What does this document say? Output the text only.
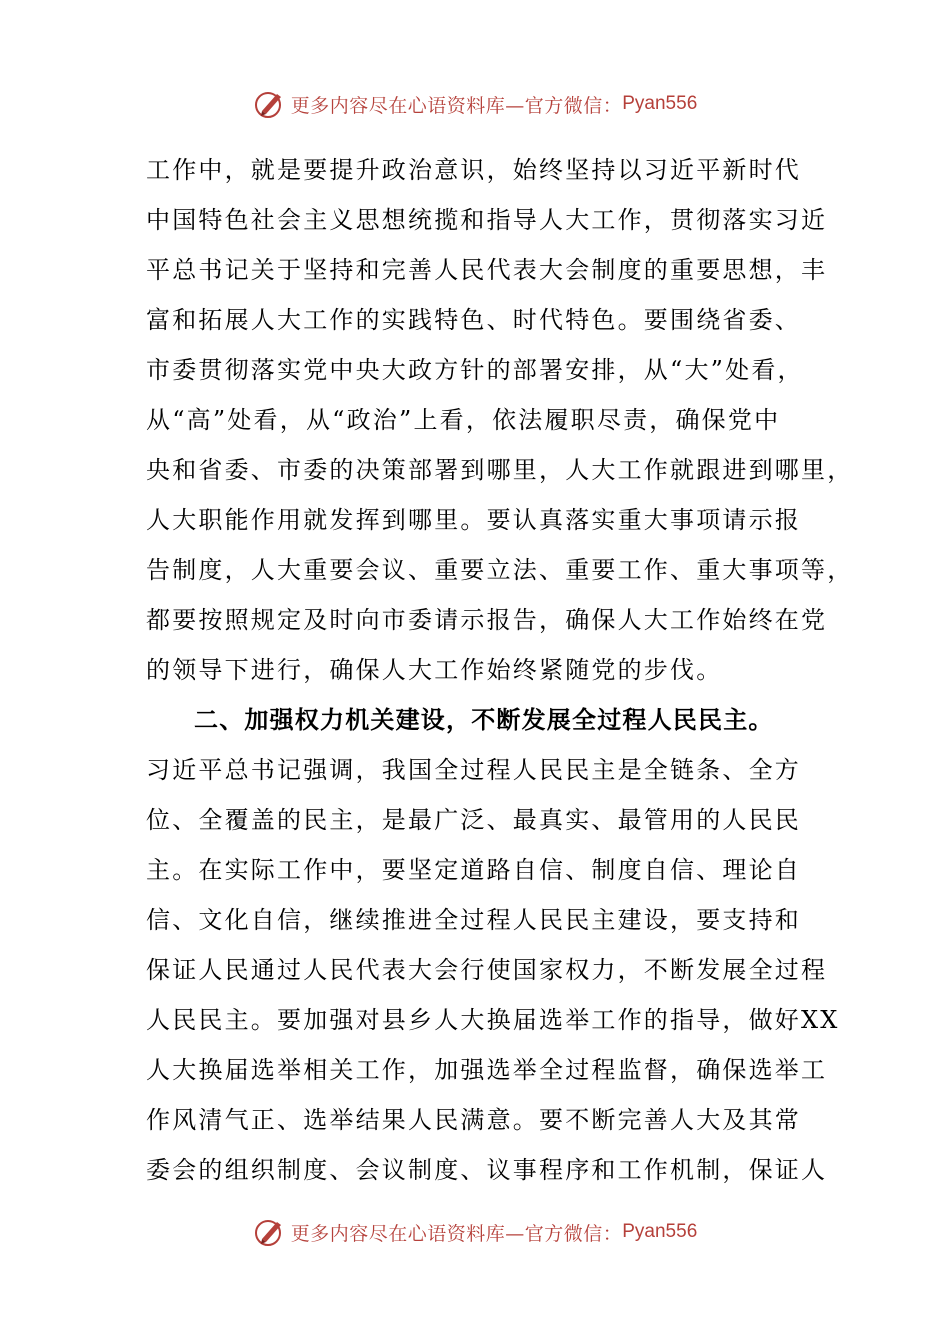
更多内容尽在心语资料库—官方微信： Pyan556
工作中，就是要提升政治意识，始终坚持以习近平新时代
中国特色社会主义思想统揽和指导人大工作，贯彻落实习近
平总书记关于坚持和完善人民代表大会制度的重要思想，丰
富和拓展人大工作的实践特色、时代特色。要围绕省委、
市委贯彻落实党中央大政方针的部署安排，从“大”处看，
从“高”处看，从“政治”上看，依法履职尽责，确保党中
央和省委、市委的决策部署到哪里，人大工作就跟进到哪里，
人大职能作用就发挥到哪里。要认真落实重大事项请示报
告制度，人大重要会议、重要立法、重要工作、重大事项等，
都要按照规定及时向市委请示报告，确保人大工作始终在党
的领导下进行，确保人大工作始终紧随党的步伐。
二、加强权力机关建设，不断发展全过程人民民主。
习近平总书记强调，我国全过程人民民主是全链条、全方
位、全覆盖的民主，是最广泛、最真实、最管用的人民民
主。在实际工作中，要坚定道路自信、制度自信、理论自
信、文化自信，继续推进全过程人民民主建设，要支持和
保证人民通过人民代表大会行使国家权力，不断发展全过程
人民民主。要加强对县乡人大换届选举工作的指导，做好XX
人大换届选举相关工作，加强选举全过程监督，确保选举工
作风清气正、选举结果人民满意。要不断完善人大及其常
委会的组织制度、会议制度、议事程序和工作机制，保证人
更多内容尽在心语资料库—官方微信： Pyan556
